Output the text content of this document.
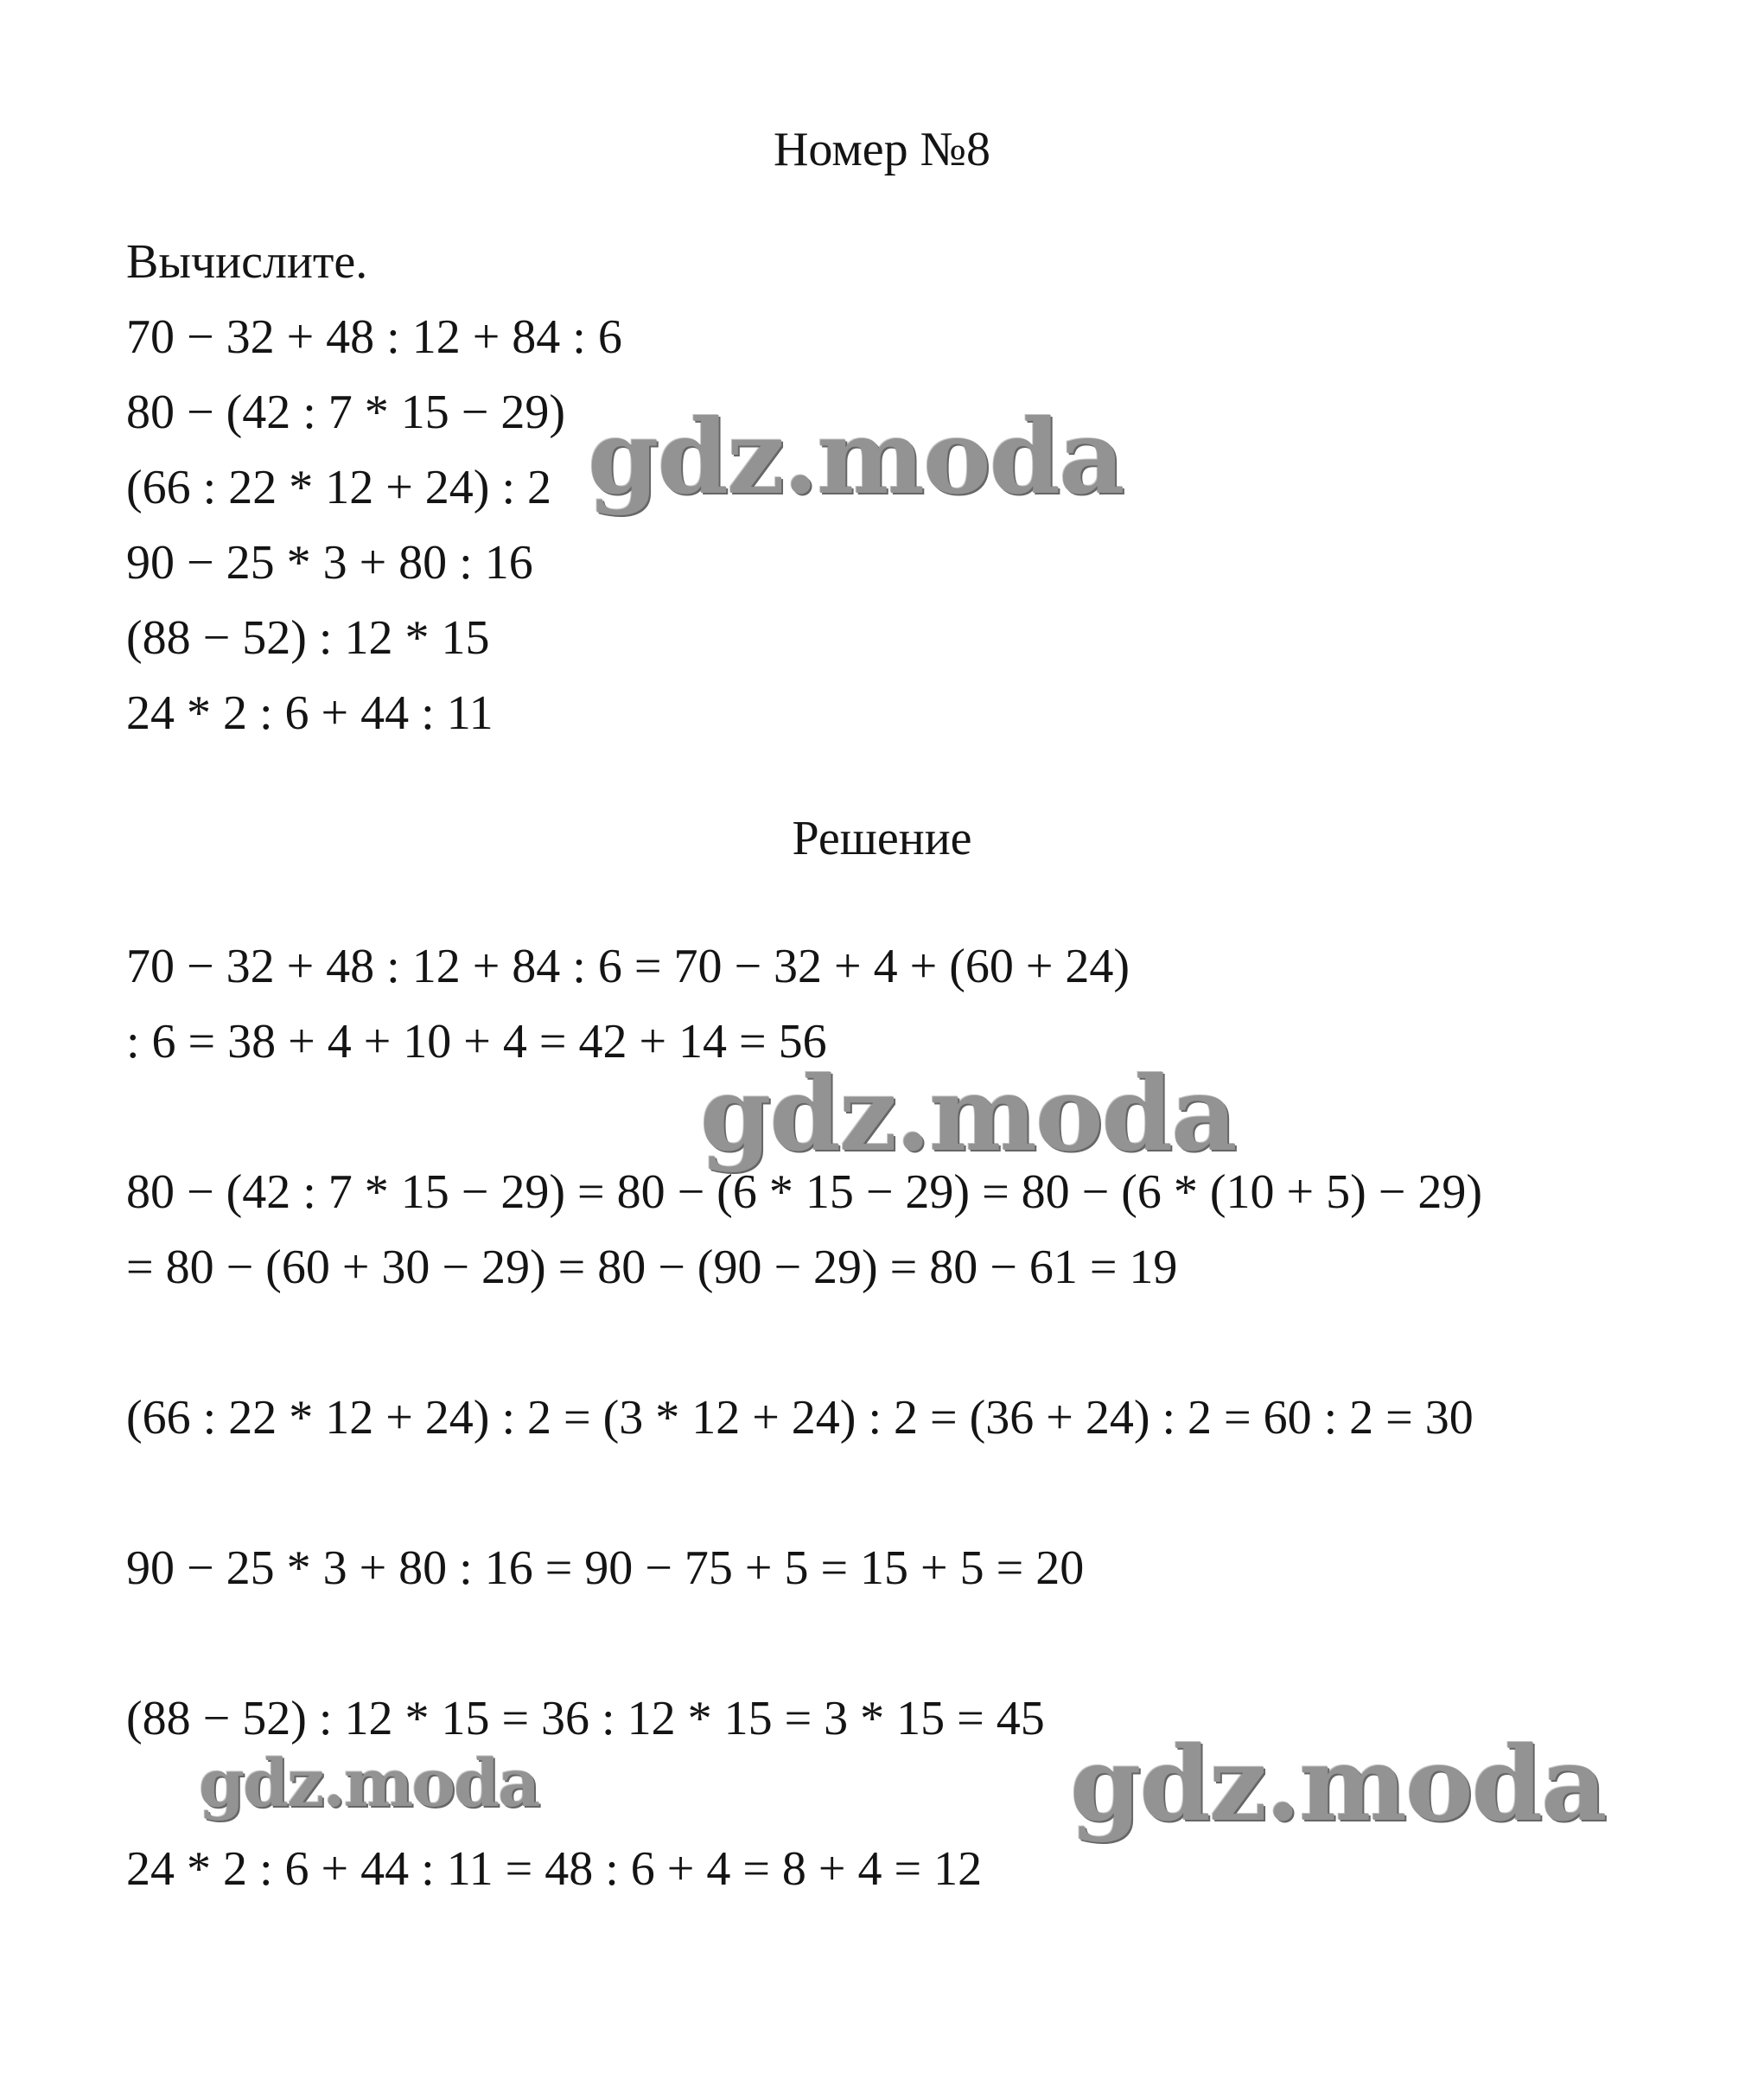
Номер №8
Вычислите.
70 − 32 + 48 : 12 + 84 : 6
80 − (42 : 7 * 15 − 29)
(66 : 22 * 12 + 24) : 2
90 − 25 * 3 + 80 : 16
(88 − 52) : 12 * 15
24 * 2 : 6 + 44 : 11
Решение
70 − 32 + 48 : 12 + 84 : 6 = 70 − 32 + 4 + (60 + 24)
: 6 = 38 + 4 + 10 + 4 = 42 + 14 = 56
80 − (42 : 7 * 15 − 29) = 80 − (6 * 15 − 29) = 80 − (6 * (10 + 5) − 29)
= 80 − (60 + 30 − 29) = 80 − (90 − 29) = 80 − 61 = 19
(66 : 22 * 12 + 24) : 2 = (3 * 12 + 24) : 2 = (36 + 24) : 2 = 60 : 2 = 30
90 − 25 * 3 + 80 : 16 = 90 − 75 + 5 = 15 + 5 = 20
(88 − 52) : 12 * 15 = 36 : 12 * 15 = 3 * 15 = 45
24 * 2 : 6 + 44 : 11 = 48 : 6 + 4 = 8 + 4 = 12
gdz.moda
gdz.moda
gdz.moda	gdz.moda
